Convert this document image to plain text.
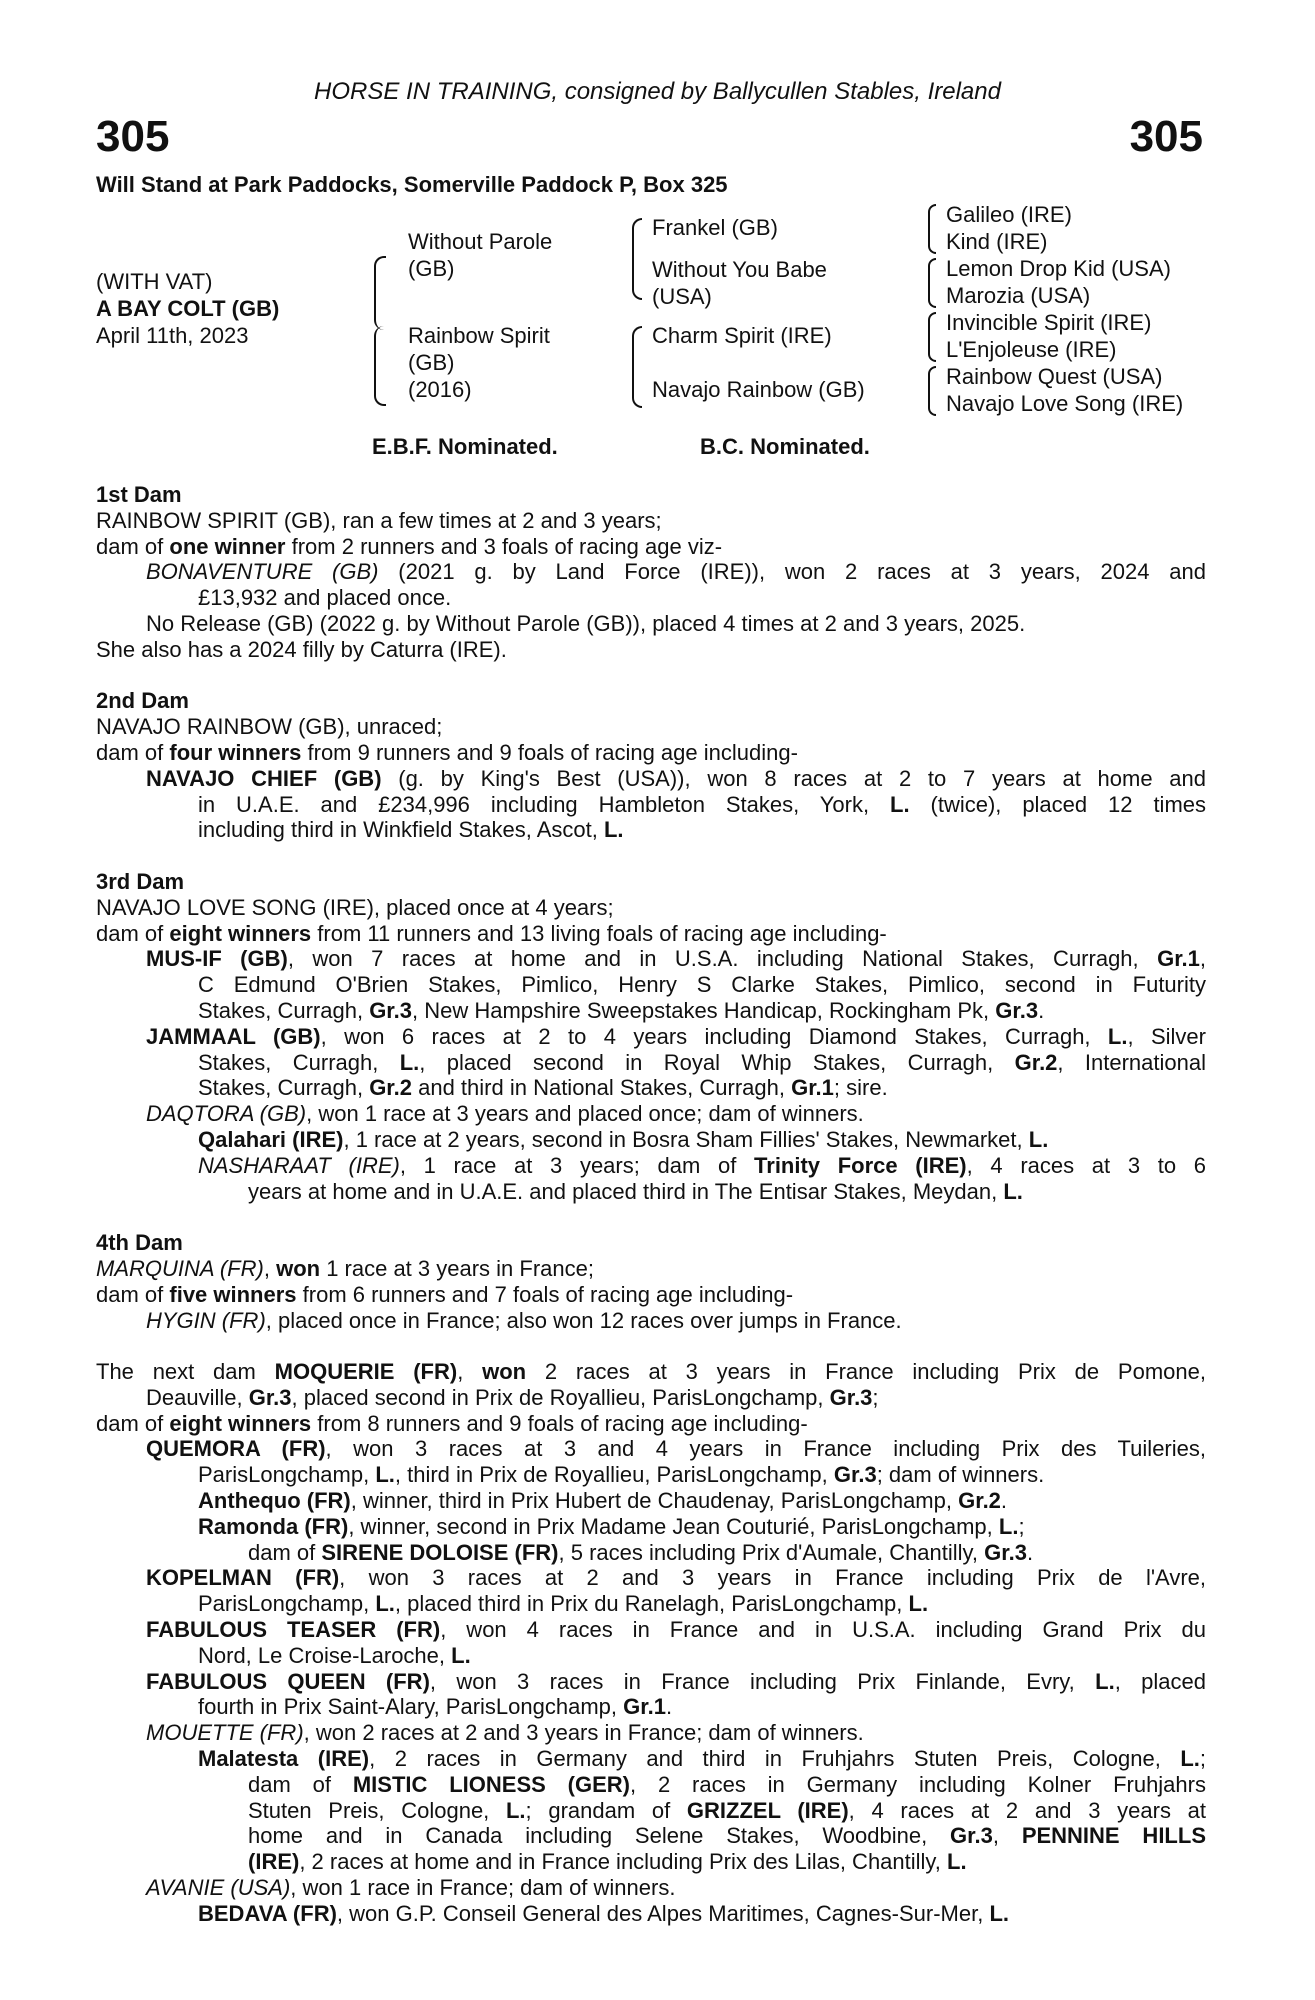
HORSE IN TRAINING, consigned by Ballycullen Stables, Ireland
305	305
Will Stand at Park Paddocks, Somerville Paddock P, Box 325
(WITH VAT)
A BAY COLT (GB)
April 11th, 2023
Without Parole
(GB)
Rainbow Spirit
(GB)
(2016)
Frankel (GB)
Without You Babe
(USA)
Charm Spirit (IRE)
Navajo Rainbow (GB)
Galileo (IRE)
Kind (IRE)
Lemon Drop Kid (USA)
Marozia (USA)
Invincible Spirit (IRE)
L'Enjoleuse (IRE)
Rainbow Quest (USA)
Navajo Love Song (IRE)
E.B.F. Nominated.	B.C. Nominated.
1st Dam
RAINBOW SPIRIT (GB), ran a few times at 2 and 3 years;
dam of one winner from 2 runners and 3 foals of racing age viz-
BONAVENTURE (GB) (2021 g. by Land Force (IRE)), won 2 races at 3 years, 2024 and
£13,932 and placed once.
No Release (GB) (2022 g. by Without Parole (GB)), placed 4 times at 2 and 3 years, 2025.
She also has a 2024 filly by Caturra (IRE).
2nd Dam
NAVAJO RAINBOW (GB), unraced;
dam of four winners from 9 runners and 9 foals of racing age including-
NAVAJO CHIEF (GB) (g. by King's Best (USA)), won 8 races at 2 to 7 years at home and
in U.A.E. and £234,996 including Hambleton Stakes, York, L. (twice), placed 12 times
including third in Winkfield Stakes, Ascot, L.
3rd Dam
NAVAJO LOVE SONG (IRE), placed once at 4 years;
dam of eight winners from 11 runners and 13 living foals of racing age including-
MUS-IF (GB), won 7 races at home and in U.S.A. including National Stakes, Curragh, Gr.1,
C Edmund O'Brien Stakes, Pimlico, Henry S Clarke Stakes, Pimlico, second in Futurity
Stakes, Curragh, Gr.3, New Hampshire Sweepstakes Handicap, Rockingham Pk, Gr.3.
JAMMAAL (GB), won 6 races at 2 to 4 years including Diamond Stakes, Curragh, L., Silver
Stakes, Curragh, L., placed second in Royal Whip Stakes, Curragh, Gr.2, International
Stakes, Curragh, Gr.2 and third in National Stakes, Curragh, Gr.1; sire.
DAQTORA (GB), won 1 race at 3 years and placed once; dam of winners.
Qalahari (IRE), 1 race at 2 years, second in Bosra Sham Fillies' Stakes, Newmarket, L.
NASHARAAT (IRE), 1 race at 3 years; dam of Trinity Force (IRE), 4 races at 3 to 6
years at home and in U.A.E. and placed third in The Entisar Stakes, Meydan, L.
4th Dam
MARQUINA (FR), won 1 race at 3 years in France;
dam of five winners from 6 runners and 7 foals of racing age including-
HYGIN (FR), placed once in France; also won 12 races over jumps in France.
The next dam MOQUERIE (FR), won 2 races at 3 years in France including Prix de Pomone,
Deauville, Gr.3, placed second in Prix de Royallieu, ParisLongchamp, Gr.3;
dam of eight winners from 8 runners and 9 foals of racing age including-
QUEMORA (FR), won 3 races at 3 and 4 years in France including Prix des Tuileries,
ParisLongchamp, L., third in Prix de Royallieu, ParisLongchamp, Gr.3; dam of winners.
Anthequo (FR), winner, third in Prix Hubert de Chaudenay, ParisLongchamp, Gr.2.
Ramonda (FR), winner, second in Prix Madame Jean Couturié, ParisLongchamp, L.;
dam of SIRENE DOLOISE (FR), 5 races including Prix d'Aumale, Chantilly, Gr.3.
KOPELMAN (FR), won 3 races at 2 and 3 years in France including Prix de l'Avre,
ParisLongchamp, L., placed third in Prix du Ranelagh, ParisLongchamp, L.
FABULOUS TEASER (FR), won 4 races in France and in U.S.A. including Grand Prix du
Nord, Le Croise-Laroche, L.
FABULOUS QUEEN (FR), won 3 races in France including Prix Finlande, Evry, L., placed
fourth in Prix Saint-Alary, ParisLongchamp, Gr.1.
MOUETTE (FR), won 2 races at 2 and 3 years in France; dam of winners.
Malatesta (IRE), 2 races in Germany and third in Fruhjahrs Stuten Preis, Cologne, L.;
dam of MISTIC LIONESS (GER), 2 races in Germany including Kolner Fruhjahrs
Stuten Preis, Cologne, L.; grandam of GRIZZEL (IRE), 4 races at 2 and 3 years at
home and in Canada including Selene Stakes, Woodbine, Gr.3, PENNINE HILLS
(IRE), 2 races at home and in France including Prix des Lilas, Chantilly, L.
AVANIE (USA), won 1 race in France; dam of winners.
BEDAVA (FR), won G.P. Conseil General des Alpes Maritimes, Cagnes-Sur-Mer, L.
